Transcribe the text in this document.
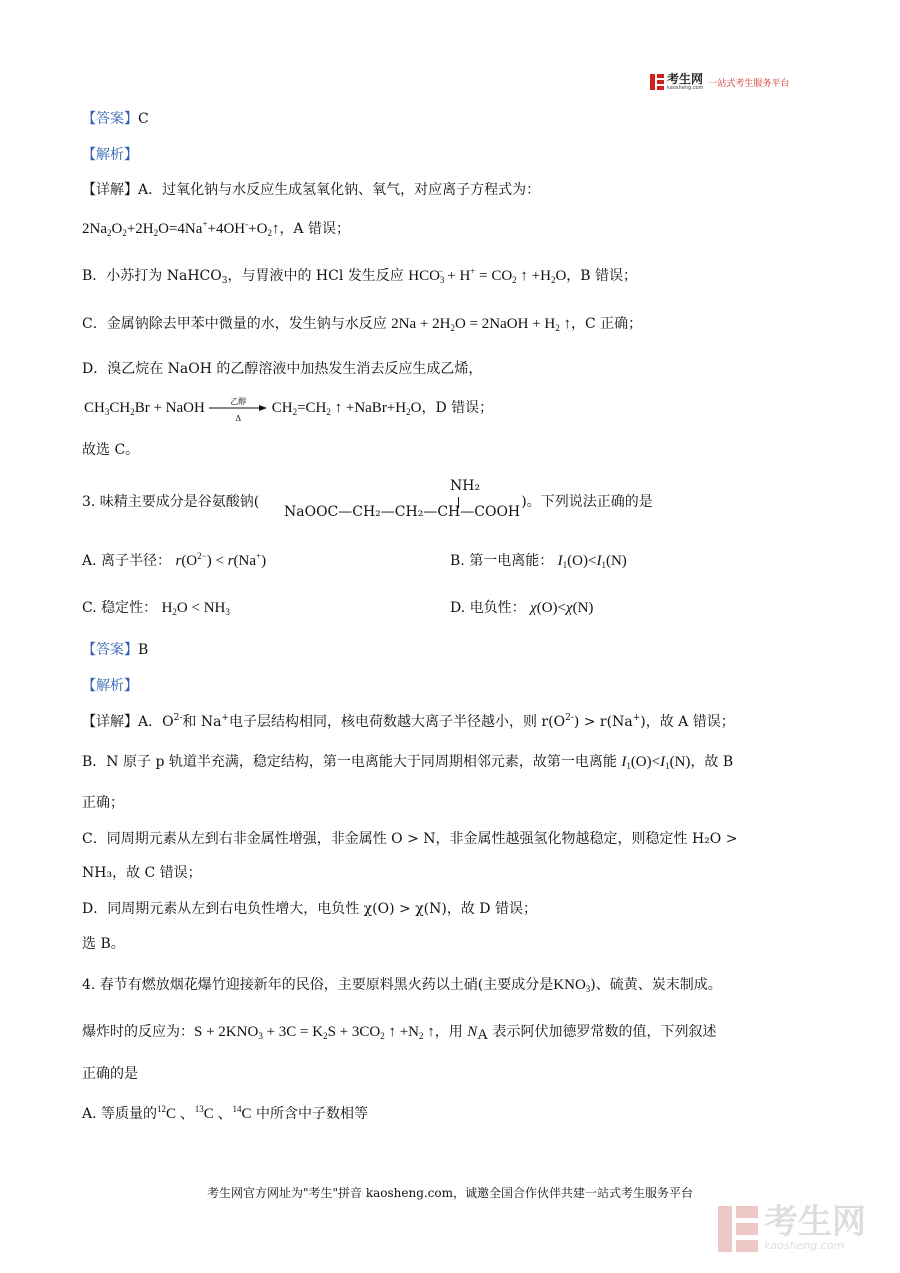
考生网
kaosheng.com 一站式考生服务平台
【答案】C
【解析】
【详解】A．过氧化钠与水反应生成氢氧化钠、氧气，对应离子方程式为：
$2Na_2O_2+2H_2O=4Na^++4OH^-+O_2↑$，A 错误；
B．小苏打为 NaHCO$_3$，与胃液中的 HCl 发生反应 $HCO_3^- + H^+ = CO_2$ ↑ $+H_2O$，B 错误；
C．金属钠除去甲苯中微量的水，发生钠与水反应 $2Na + 2H_2O$ = 2NaOH + $H_2$ ↑，C 正确；
D．溴乙烷在 NaOH 的乙醇溶液中加热发生消去反应生成乙烯，
$CH_3CH_2Br$ + NaOH	乙醇
Δ
$CH_2=CH_2$ ↑ $+NaBr+H_2O$，D 错误；
故选 C。
3. 味精主要成分是谷氨酸钠(	)。下列说法正确的是
NH₂
NaOOC—CH₂—CH₂—CH—COOH
A. 离子半径： $r(O^{2-}) < r(Na^+)$	B. 第一电离能： $I_1(O)<I_1(N)$
C. 稳定性： $H_2O < NH_3$	D. 电负性： χ(O)<χ(N)
【答案】B
【解析】
【详解】A．$O^{2-}$和 Na+电子层结构相同，核电荷数越大离子半径越小，则 $r(O^{2-}) > r(Na^+)$，故 A 错误；
B．N 原子 p 轨道半充满，稳定结构，第一电离能大于同周期相邻元素，故第一电离能 $I_1(O)<I_1(N)$，故 B
正确；
C．同周期元素从左到右非金属性增强，非金属性 O > N，非金属性越强氢化物越稳定，则稳定性 H₂O >
NH₃，故 C 错误；
D．同周期元素从左到右电负性增大，电负性 χ(O) > χ(N)，故 D 错误；
选 B。
4. 春节有燃放烟花爆竹迎接新年的民俗，主要原料黑火药以土硝(主要成分是$KNO_3$)、硫黄、炭末制成。
爆炸时的反应为：$S + 2KNO_3 + 3C = K_2S + 3CO_2$ ↑ $+N_2$ ↑，用 $N_A$ 表示阿伏加德罗常数的值，下列叙述
正确的是
A. 等质量的$^{12}$C 、$^{13}$C 、$^{14}$C 中所含中子数相等
考生网官方网址为"考生"拼音 kaosheng.com，诚邀全国合作伙伴共建一站式考生服务平台
考生网
kaosheng.com
